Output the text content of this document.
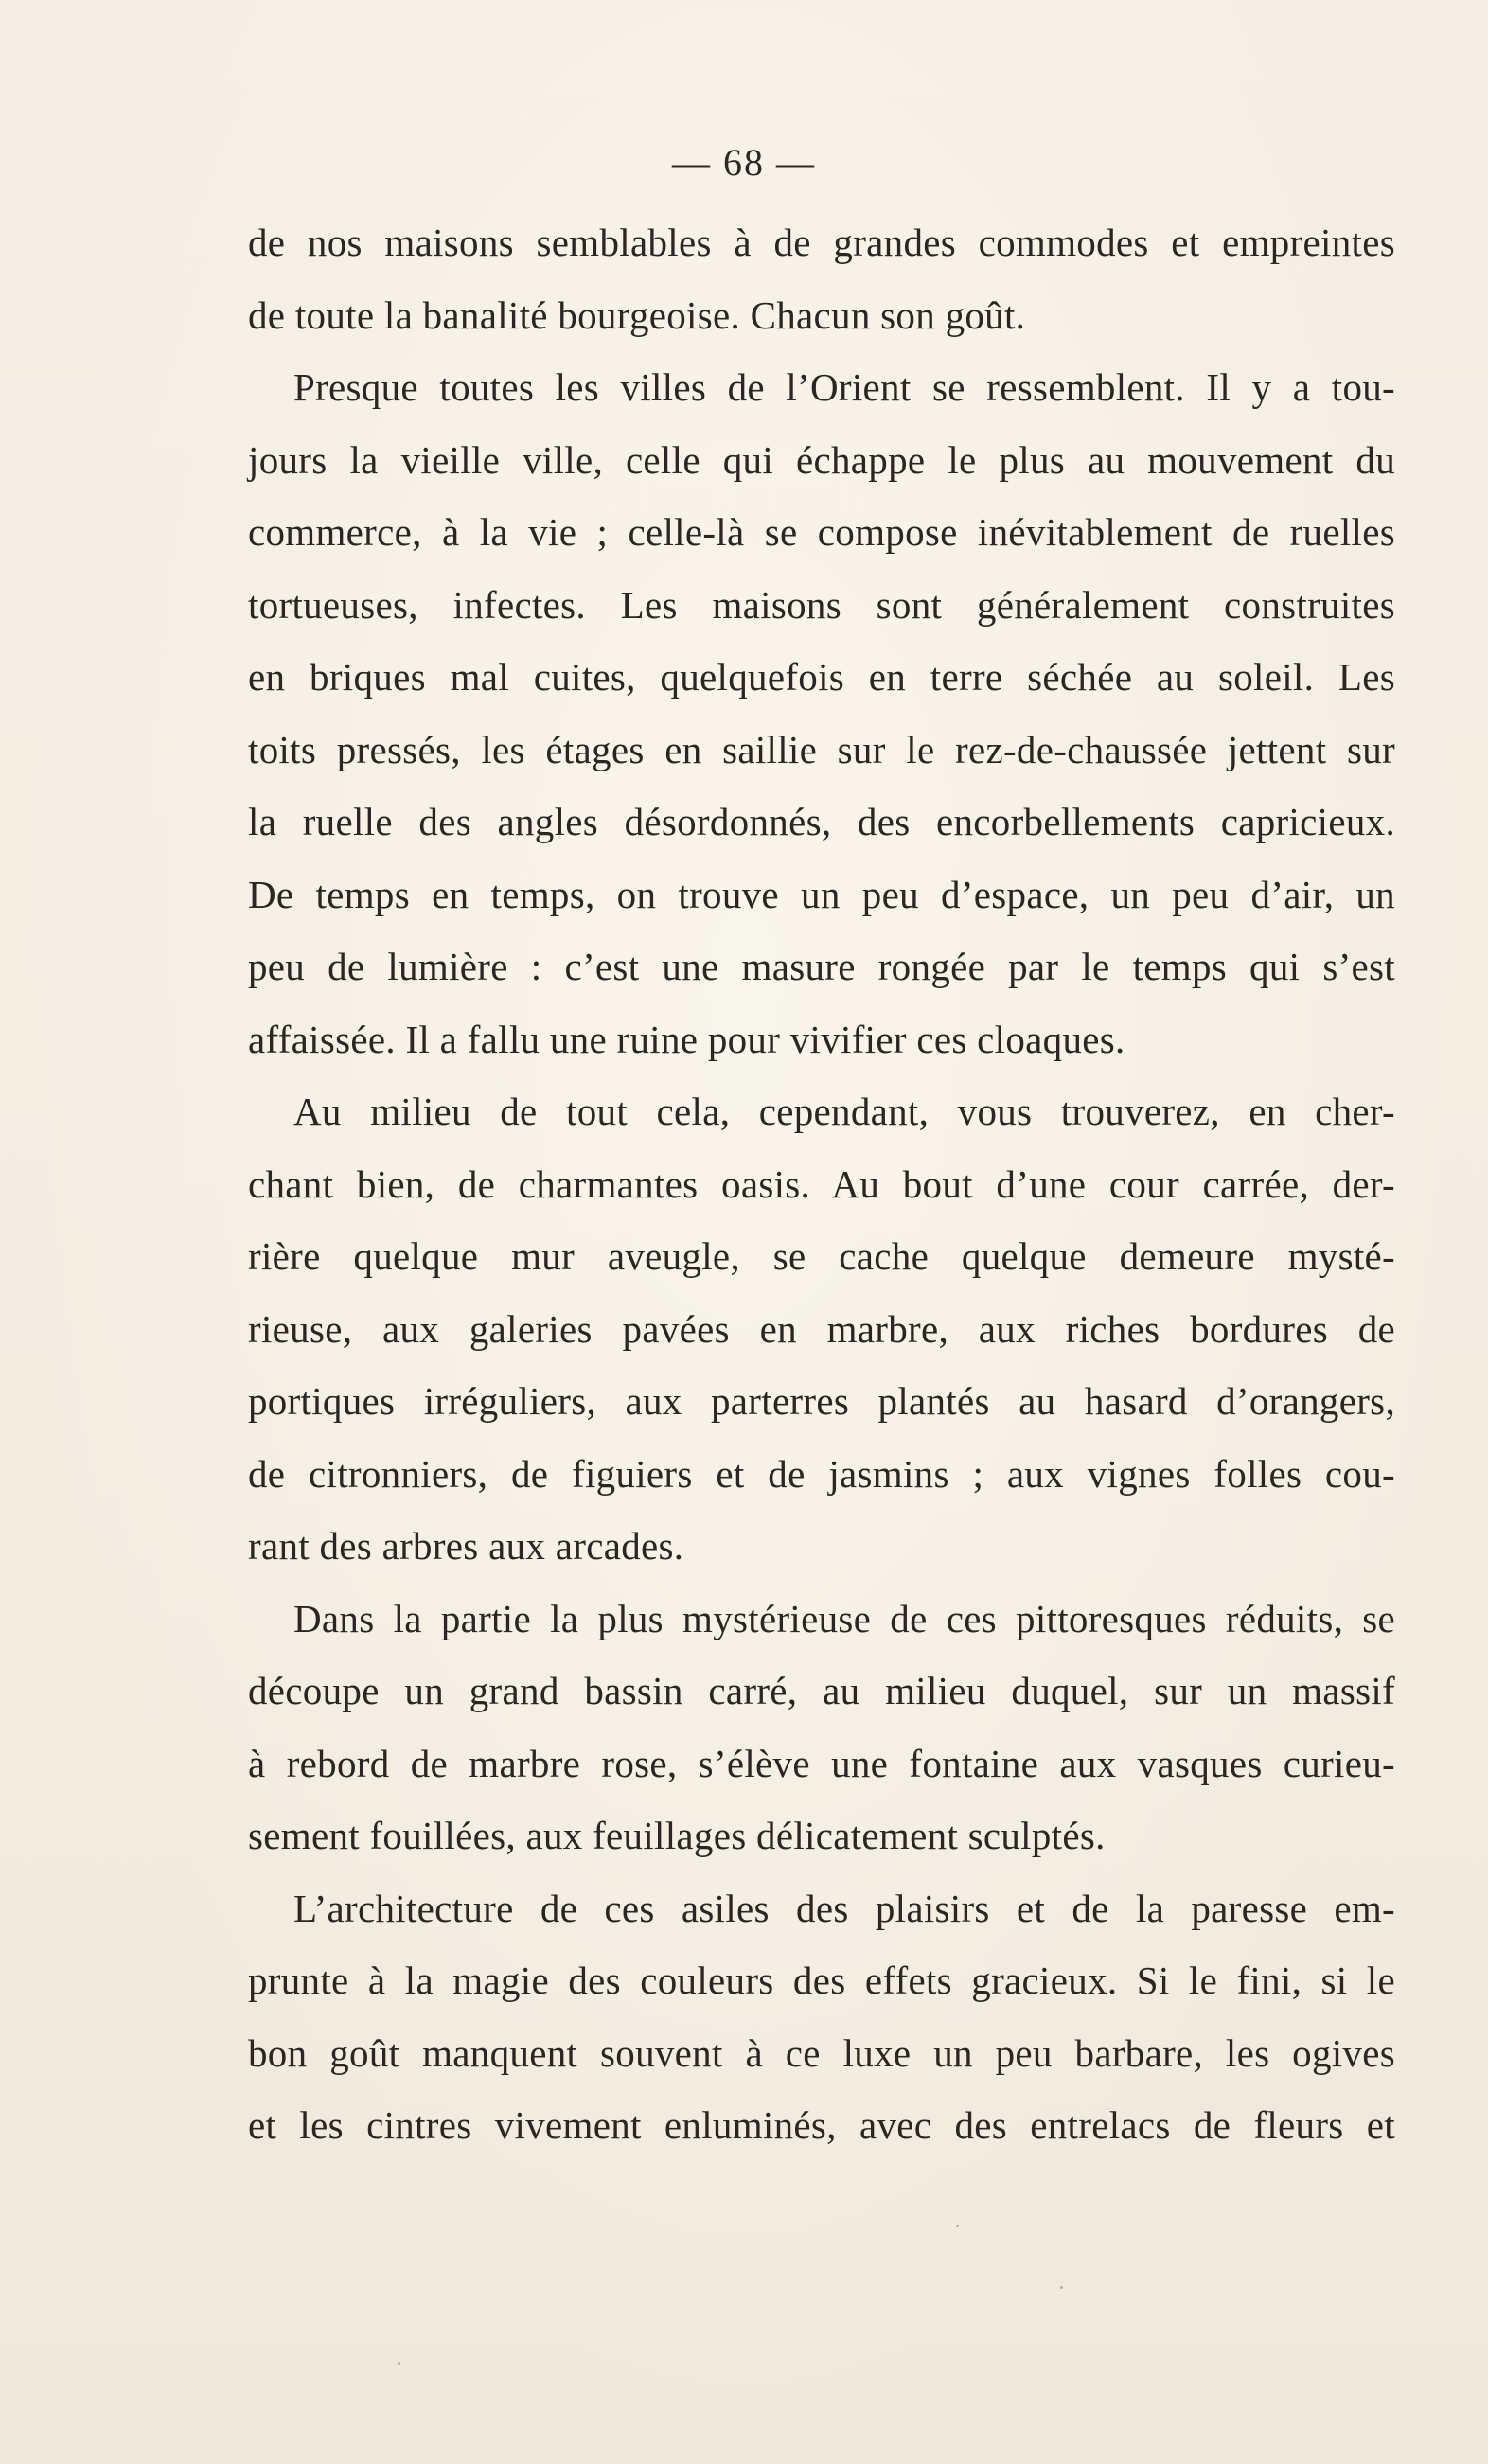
— 68 —
de nos maisons semblables à de grandes commodes et empreintes
de toute la banalité bourgeoise. Chacun son goût.
Presque toutes les villes de l’Orient se ressemblent. Il y a tou-
jours la vieille ville, celle qui échappe le plus au mouvement du
commerce, à la vie ; celle-là se compose inévitablement de ruelles
tortueuses, infectes. Les maisons sont généralement construites
en briques mal cuites, quelquefois en terre séchée au soleil. Les
toits pressés, les étages en saillie sur le rez-de-chaussée jettent sur
la ruelle des angles désordonnés, des encorbellements capricieux.
De temps en temps, on trouve un peu d’espace, un peu d’air, un
peu de lumière : c’est une masure rongée par le temps qui s’est
affaissée. Il a fallu une ruine pour vivifier ces cloaques.
Au milieu de tout cela, cependant, vous trouverez, en cher-
chant bien, de charmantes oasis. Au bout d’une cour carrée, der-
rière quelque mur aveugle, se cache quelque demeure mysté-
rieuse, aux galeries pavées en marbre, aux riches bordures de
portiques irréguliers, aux parterres plantés au hasard d’orangers,
de citronniers, de figuiers et de jasmins ; aux vignes folles cou-
rant des arbres aux arcades.
Dans la partie la plus mystérieuse de ces pittoresques réduits, se
découpe un grand bassin carré, au milieu duquel, sur un massif
à rebord de marbre rose, s’élève une fontaine aux vasques curieu-
sement fouillées, aux feuillages délicatement sculptés.
L’architecture de ces asiles des plaisirs et de la paresse em-
prunte à la magie des couleurs des effets gracieux. Si le fini, si le
bon goût manquent souvent à ce luxe un peu barbare, les ogives
et les cintres vivement enluminés, avec des entrelacs de fleurs et
